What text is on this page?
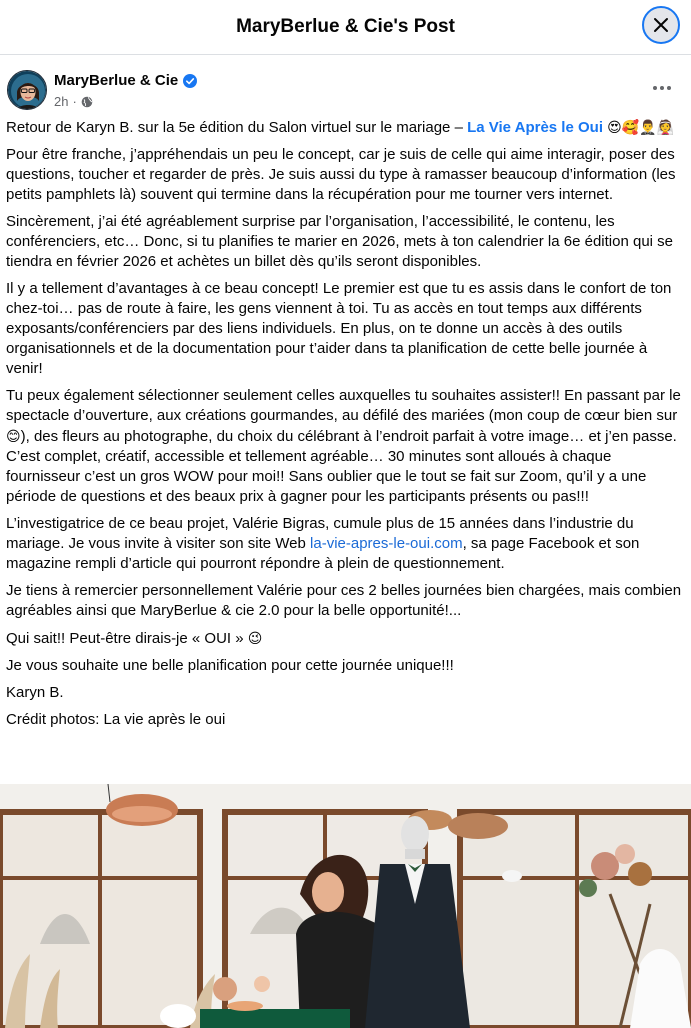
MaryBerlue & Cie's Post
MaryBerlue & Cie
2h ·

Retour de Karyn B. sur la 5e édition du Salon virtuel sur le mariage – La Vie Après le Oui 😍🥰🤵‍♂️👰

Pour être franche, j’appréhendais un peu le concept, car je suis de celle qui aime interagir, poser des questions, toucher et regarder de près. Je suis aussi du type à ramasser beaucoup d’information (les petits pamphlets là) souvent qui termine dans la récupération pour me tourner vers internet.

Sincèrement, j’ai été agréablement surprise par l’organisation, l’accessibilité, le contenu, les conférenciers, etc… Donc, si tu planifies te marier en 2026, mets à ton calendrier la 6e édition qui se tiendra en février 2026 et achètes un billet dès qu’ils seront disponibles.

Il y a tellement d’avantages à ce beau concept! Le premier est que tu es assis dans le confort de ton chez-toi… pas de route à faire, les gens viennent à toi. Tu as accès en tout temps aux différents exposants/conférenciers par des liens individuels. En plus, on te donne un accès à des outils organisationnels et de la documentation pour t’aider dans ta planification de cette belle journée à venir!

Tu peux également sélectionner seulement celles auxquelles tu souhaites assister!! En passant par le spectacle d’ouverture, aux créations gourmandes, au défilé des mariées (mon coup de cœur bien sur 😊), des fleurs au photographe, du choix du célébrant à l’endroit parfait à votre image… et j’en passe. C’est complet, créatif, accessible et tellement agréable… 30 minutes sont alloués à chaque fournisseur c’est un gros WOW pour moi!! Sans oublier que le tout se fait sur Zoom, qu’il y a une période de questions et des beaux prix à gagner pour les participants présents ou pas!!!

L’investigatrice de ce beau projet, Valérie Bigras, cumule plus de 15 années dans l’industrie du mariage. Je vous invite à visiter son site Web la-vie-apres-le-oui.com, sa page Facebook et son magazine rempli d’article qui pourront répondre à plein de questionnement.

Je tiens à remercier personnellement Valérie pour ces 2 belles journées bien chargées, mais combien agréables ainsi que MaryBerlue & cie 2.0 pour la belle opportunité!...

Qui sait!! Peut-être dirais-je « OUI » 😉

Je vous souhaite une belle planification pour cette journée unique!!!

Karyn B.

Crédit photos: La vie après le oui
